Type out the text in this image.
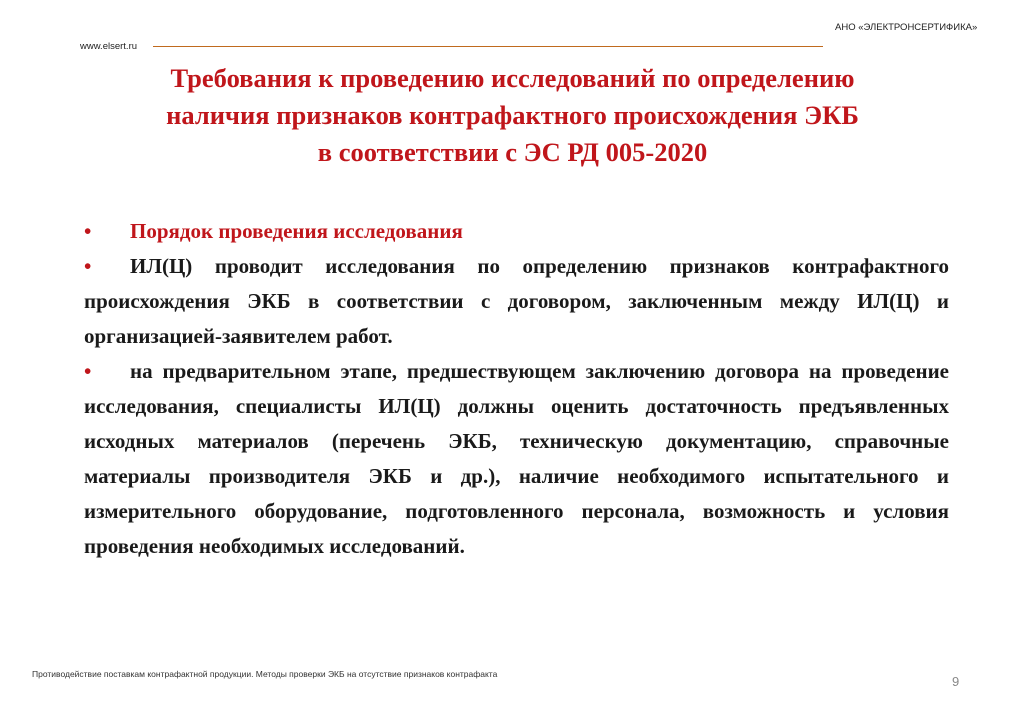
АНО «ЭЛЕКТРОНСЕРТИФИКА»
www.elsert.ru
Требования к проведению исследований по определению
наличия признаков контрафактного происхождения ЭКБ
в соответствии с ЭС РД 005-2020

• Порядок проведения исследования

• ИЛ(Ц) проводит исследования по определению признаков контрафактного происхождения ЭКБ в соответствии с договором, заключенным между ИЛ(Ц) и организацией-заявителем работ.

• на предварительном этапе, предшествующем заключению договора на проведение исследования, специалисты ИЛ(Ц) должны оценить достаточность предъявленных исходных материалов (перечень ЭКБ, техническую документацию, справочные материалы производителя ЭКБ и др.), наличие необходимого испытательного и измерительного оборудование, подготовленного персонала, возможность и условия проведения необходимых исследований.

Противодействие поставкам контрафактной продукции. Методы проверки ЭКБ на отсутствие признаков контрафакта	9
